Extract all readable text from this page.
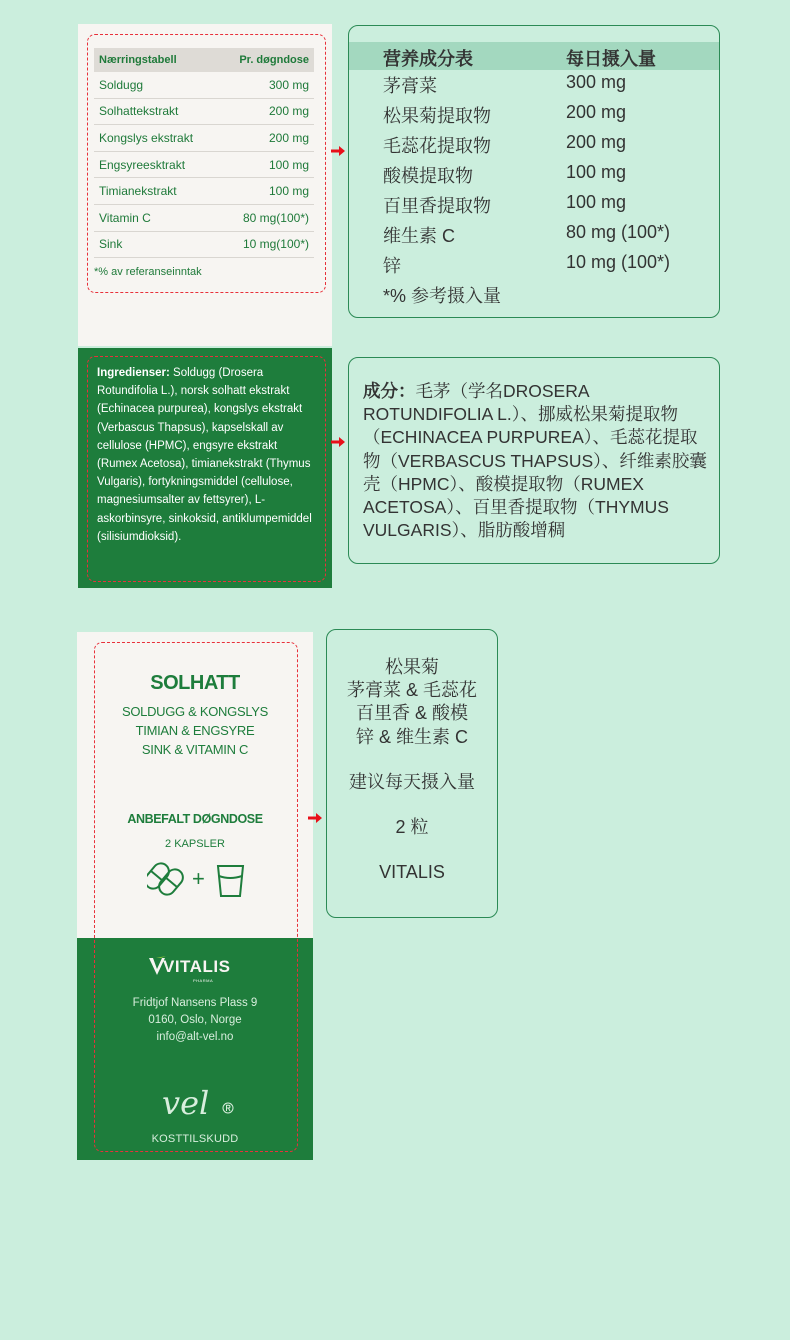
Nærringstabell	Pr. døgndose
Soldugg	300 mg
Solhattekstrakt	200 mg
Kongslys ekstrakt	200 mg
Engsyreesktrakt	100 mg
Timianekstrakt	100 mg
Vitamin C	80 mg(100*)
Sink	10 mg(100*)
*% av referanseinntak
营养成分表	每日摄入量
茅膏菜	300 mg
松果菊提取物	200 mg
毛蕊花提取物	200 mg
酸模提取物	100 mg
百里香提取物	100 mg
维生素 C	80 mg (100*)
锌	10 mg (100*)
*% 参考摄入量
Ingredienser: Soldugg (Drosera Rotundifolia L.), norsk solhatt ekstrakt (Echinacea purpurea), kongslys ekstrakt (Verbascus Thapsus), kapselskall av cellulose (HPMC), engsyre ekstrakt (Rumex Acetosa), timianekstrakt (Thymus Vulgaris), fortykningsmiddel (cellulose, magnesiumsalter av fettsyrer), L-askorbinsyre, sinkoksid, antiklumpemiddel (silisiumdioksid).
成分：毛茅（学名DROSERA ROTUNDIFOLIA L.）、挪威松果菊提取物（ECHINACEA PURPUREA）、毛蕊花提取物（VERBASCUS THAPSUS）、纤维素胶囊壳（HPMC）、酸模提取物（RUMEX ACETOSA）、百里香提取物（THYMUS VULGARIS）、脂肪酸增稠
SOLHATT
SOLDUGG & KONGSLYS
TIMIAN & ENGSYRE
SINK & VITAMIN C
ANBEFALT DØGNDOSE
2 KAPSLER
+
VITALIS
PHARMA
Fridtjof Nansens Plass 9
0160, Oslo, Norge
info@alt-vel.no
vel
KOSTTILSKUDD
松果菊
茅膏菜 & 毛蕊花
百里香 & 酸模
锌 & 维生素 C
建议每天摄入量
2 粒
VITALIS
